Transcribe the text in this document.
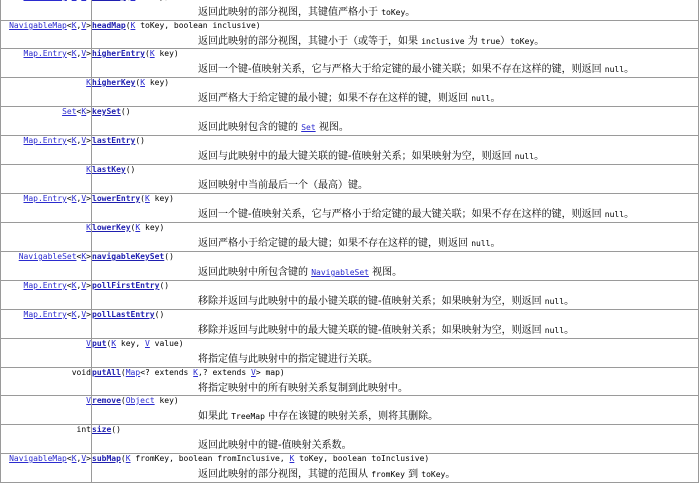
返回此映射的部分视图，其键值严格小于 toKey。

NavigableMap<K,V>	headMap(K toKey, boolean inclusive)
返回此映射的部分视图，其键小于（或等于，如果 inclusive 为 true）toKey。

Map.Entry<K,V>	higherEntry(K key)
返回一个键-值映射关系，它与严格大于给定键的最小键关联；如果不存在这样的键，则返回 null。

K	higherKey(K key)
返回严格大于给定键的最小键；如果不存在这样的键，则返回 null。

Set<K>	keySet()
返回此映射包含的键的 Set 视图。

Map.Entry<K,V>	lastEntry()
返回与此映射中的最大键关联的键-值映射关系；如果映射为空，则返回 null。

K	lastKey()
返回映射中当前最后一个（最高）键。

Map.Entry<K,V>	lowerEntry(K key)
返回一个键-值映射关系，它与严格小于给定键的最大键关联；如果不存在这样的键，则返回 null。

K	lowerKey(K key)
返回严格小于给定键的最大键；如果不存在这样的键，则返回 null。

NavigableSet<K>	navigableKeySet()
返回此映射中所包含键的 NavigableSet 视图。

Map.Entry<K,V>	pollFirstEntry()
移除并返回与此映射中的最小键关联的键-值映射关系；如果映射为空，则返回 null。

Map.Entry<K,V>	pollLastEntry()
移除并返回与此映射中的最大键关联的键-值映射关系；如果映射为空，则返回 null。

V	put(K key, V value)
将指定值与此映射中的指定键进行关联。

void	putAll(Map<? extends K,? extends V> map)
将指定映射中的所有映射关系复制到此映射中。

V	remove(Object key)
如果此 TreeMap 中存在该键的映射关系，则将其删除。

int	size()
返回此映射中的键-值映射关系数。

NavigableMap<K,V>	subMap(K fromKey, boolean fromInclusive, K toKey, boolean toInclusive)
返回此映射的部分视图，其键的范围从 fromKey 到 toKey。
